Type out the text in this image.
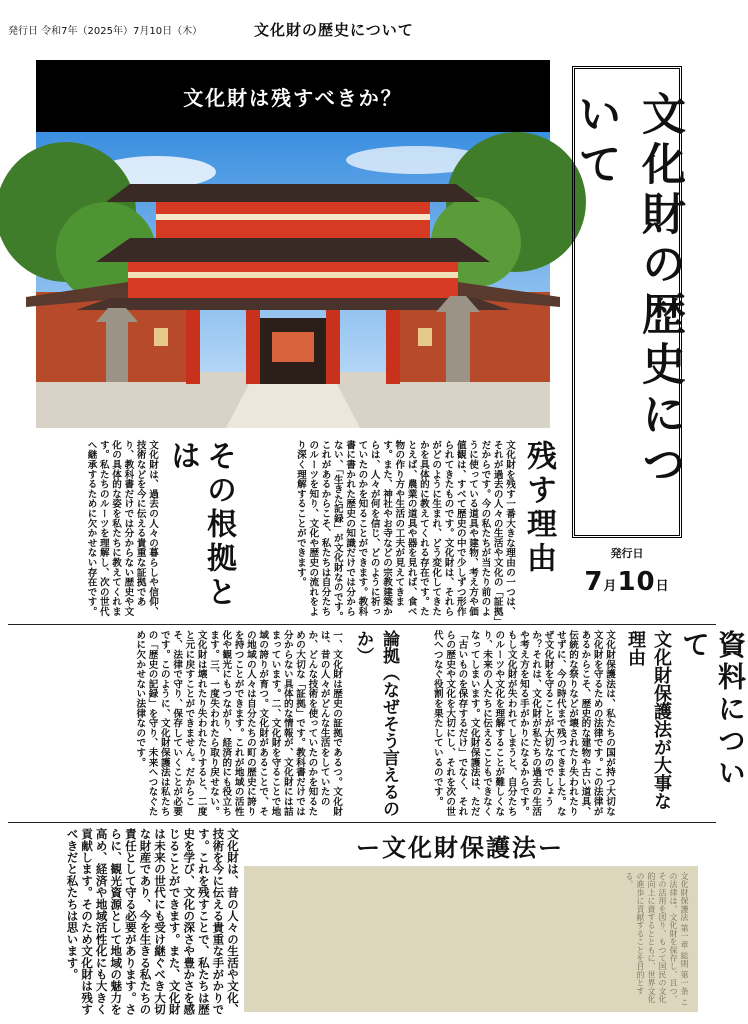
発行日 令和7年（2025年）7月10日（木）	文化財の歴史について
文化財は残すべきか？	文化財の歴史について
発行日
7月10日
残す理由
文化財を残す一番大きな理由の一つは、それが過去の人々の生活や文化の「証拠」だからです。今の私たちが当たり前のように使っている道具や建物、考え方や価値観は、すべて歴史の中で少しずつ形作られてきたものです。文化財は、それらがどのように生まれ、どう変化してきたかを具体的に教えてくれる存在です。たとえば、農業の道具や器を見れば、食べ物の作り方や生活の工夫が見えてきます。また、神社やお寺などの宗教建築からは、人々が何を信じ、どのように祈っていたのかを知ることができます。教科書に書かれた歴史の知識だけでは分からない、「生きた記録」が文化財なのです。これがあるからこそ、私たちは自分たちのルーツを知り、文化や歴史の流れをより深く理解することができます。
その根拠とは
文化財は、過去の人々の暮らしや信仰、技術などを今に伝える貴重な証拠であり、教科書だけでは分からない歴史や文化の具体的な姿を私たちに教えてくれます。私たちのルーツを理解し、次の世代へ継承するために欠かせない存在です。
資料について
文化財保護法が大事な理由
文化財保護法は、私たちの国が持つ大切な文化財を守るための法律です。この法律があるからこそ、歴史的な建物や古い道具、伝統的な祭りなどが壊されたり失われたりせずに、今の時代まで残ってきました。なぜ文化財を守ることが大切なのでしょうか？それは、文化財が私たちの過去の生活や考え方を知る手がかりになるからです。もし文化財が失われてしまうと、自分たちのルーツや文化を理解することが難しくなり、未来の人たちに伝えることもできなくなってしまいます。文化財保護法は、ただ「古いものを保存するだけ」でなく、それらの歴史や文化を大切にし、それを次の世代へつなぐ役割を果たしているのです。
論拠（なぜそう言えるのか）
一、文化財は歴史の証拠であるつ。文化財は、昔の人々がどんな生活をしていたのか、どんな技術を使っていたのかを知るための大切な「証拠」です。教科書だけでは分からない具体的な情報が、文化財には詰まっています。二、文化財を守ることで地域の誇りが育つ。文化財があることで、その地域の人々は自分たちの町の歴史に誇りを持つことができます。これが地域の活性化や観光にもつながり、経済的にも役立ちます。三、一度失われたら取り戻せない。文化財は壊れたり失われたりすると、二度と元に戻すことができません。だからこそ、法律で守り、保存していくことが必要です。このように、文化財保護法は私たちの「歴史の記録」を守り、未来へつなぐために欠かせない法律なのです。
ー文化財保護法ー
文化財は、昔の人々の生活や文化、技術を今に伝える貴重な手がかりです。これを残すことで、私たちは歴史を学び、文化の深さや豊かさを感じることができます。また、文化財は未来の世代にも受け継ぐべき大切な財産であり、今を生きる私たちの責任として守る必要があります。さらに、観光資源として地域の魅力を高め、経済や地域活性化にも大きく貢献します。そのため文化財は残すべきだと私たちは思います。	文化財保護法 第一章 総則 第一条 この法律は、文化財を保存し、且つ、その活用を図り、もつて国民の文化的向上に資するとともに、世界文化の進歩に貢献することを目的とする。
